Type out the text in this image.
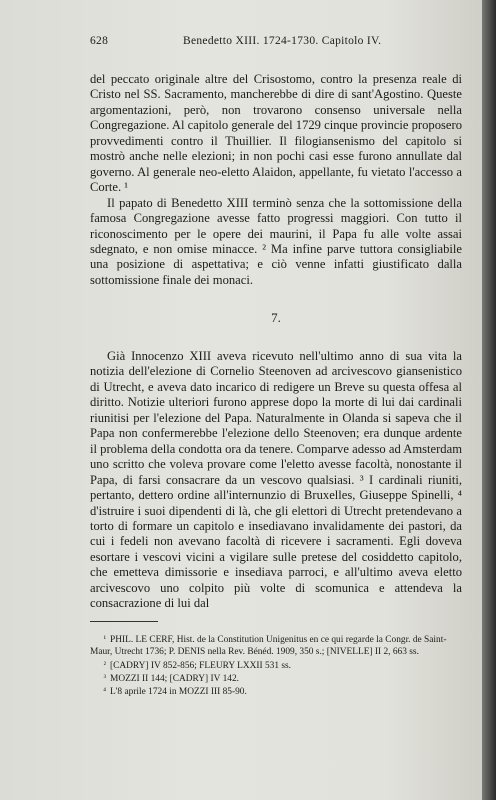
628	Benedetto XIII. 1724-1730. Capitolo IV.

del peccato originale altre del Crisostomo, contro la presenza reale di Cristo nel SS. Sacramento, mancherebbe di dire di sant'Agostino. Queste argomentazioni, però, non trovarono consenso universale nella Congregazione. Al capitolo generale del 1729 cinque provincie proposero provvedimenti contro il Thuillier. Il filogiansenismo del capitolo si mostrò anche nelle elezioni; in non pochi casi esse furono annullate dal governo. Al generale neo-eletto Alaidon, appellante, fu vietato l'accesso a Corte. ¹

Il papato di Benedetto XIII terminò senza che la sottomissione della famosa Congregazione avesse fatto progressi maggiori. Con tutto il riconoscimento per le opere dei maurini, il Papa fu alle volte assai sdegnato, e non omise minacce. ² Ma infine parve tuttora consigliabile una posizione di aspettativa; e ciò venne infatti giustificato dalla sottomissione finale dei monaci.

7.

Già Innocenzo XIII aveva ricevuto nell'ultimo anno di sua vita la notizia dell'elezione di Cornelio Steenoven ad arcivescovo giansenistico di Utrecht, e aveva dato incarico di redigere un Breve su questa offesa al diritto. Notizie ulteriori furono apprese dopo la morte di lui dai cardinali riunitisi per l'elezione del Papa. Naturalmente in Olanda si sapeva che il Papa non confermerebbe l'elezione dello Steenoven; era dunque ardente il problema della condotta ora da tenere. Comparve adesso ad Amsterdam uno scritto che voleva provare come l'eletto avesse facoltà, nonostante il Papa, di farsi consacrare da un vescovo qualsiasi. ³ I cardinali riuniti, pertanto, dettero ordine all'internunzio di Bruxelles, Giuseppe Spinelli, ⁴ d'istruire i suoi dipendenti di là, che gli elettori di Utrecht pretendevano a torto di formare un capitolo e insediavano invalidamente dei pastori, da cui i fedeli non avevano facoltà di ricevere i sacramenti. Egli doveva esortare i vescovi vicini a vigilare sulle pretese del cosiddetto capitolo, che emetteva dimissorie e insediava parroci, e all'ultimo aveva eletto arcivescovo uno colpito più volte di scomunica e attendeva la consacrazione di lui dal

¹ PHIL. LE CERF, Hist. de la Constitution Unigenitus en ce qui regarde la Congr. de Saint-Maur, Utrecht 1736; P. DENIS nella Rev. Bénéd. 1909, 350 s.; [NIVELLE] II 2, 663 ss.

² [CADRY] IV 852-856; FLEURY LXXII 531 ss.

³ MOZZI II 144; [CADRY] IV 142.

⁴ L'8 aprile 1724 in MOZZI III 85-90.
